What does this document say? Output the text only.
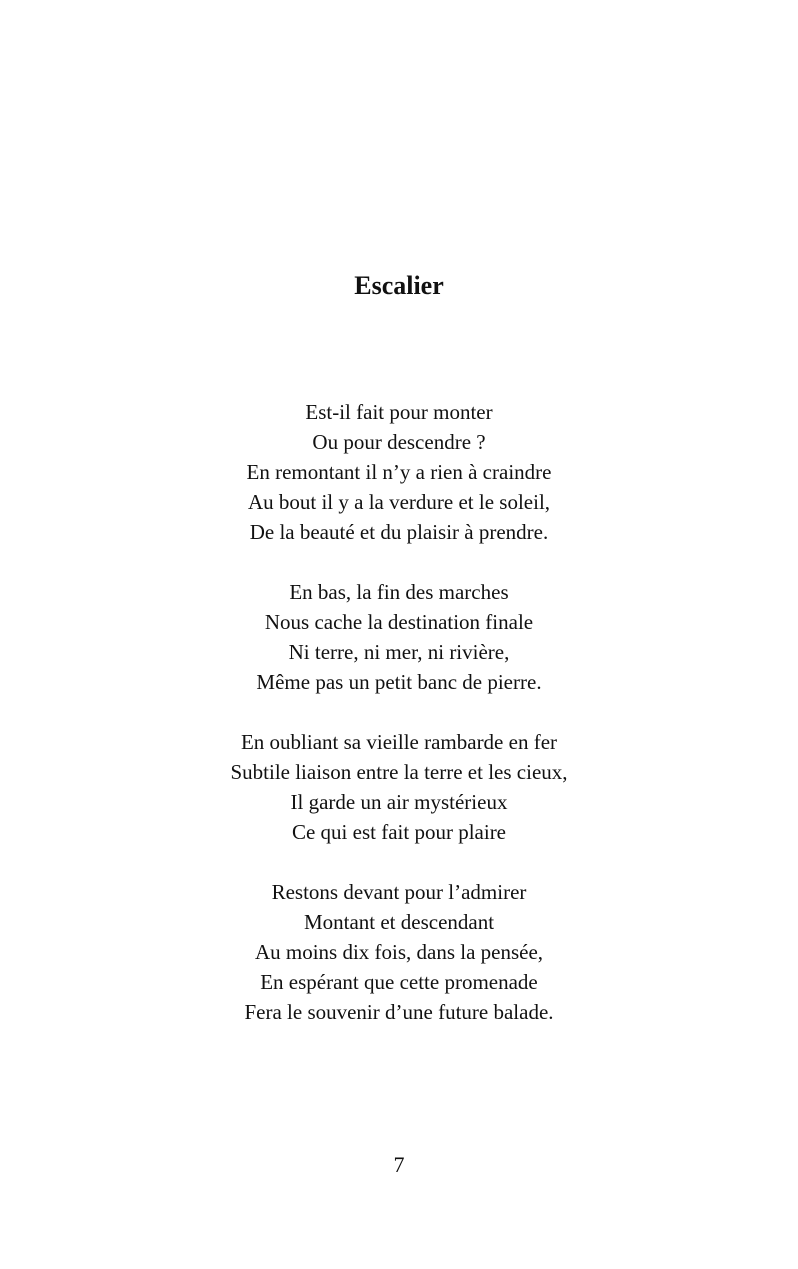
Escalier
Est-il fait pour monter
Ou pour descendre ?
En remontant il n’y a rien à craindre
Au bout il y a la verdure et le soleil,
De la beauté et du plaisir à prendre.
En bas, la fin des marches
Nous cache la destination finale
Ni terre, ni mer, ni rivière,
Même pas un petit banc de pierre.
En oubliant sa vieille rambarde en fer
Subtile liaison entre la terre et les cieux,
Il garde un air mystérieux
Ce qui est fait pour plaire
Restons devant pour l’admirer
Montant et descendant
Au moins dix fois, dans la pensée,
En espérant que cette promenade
Fera le souvenir d’une future balade.
7
